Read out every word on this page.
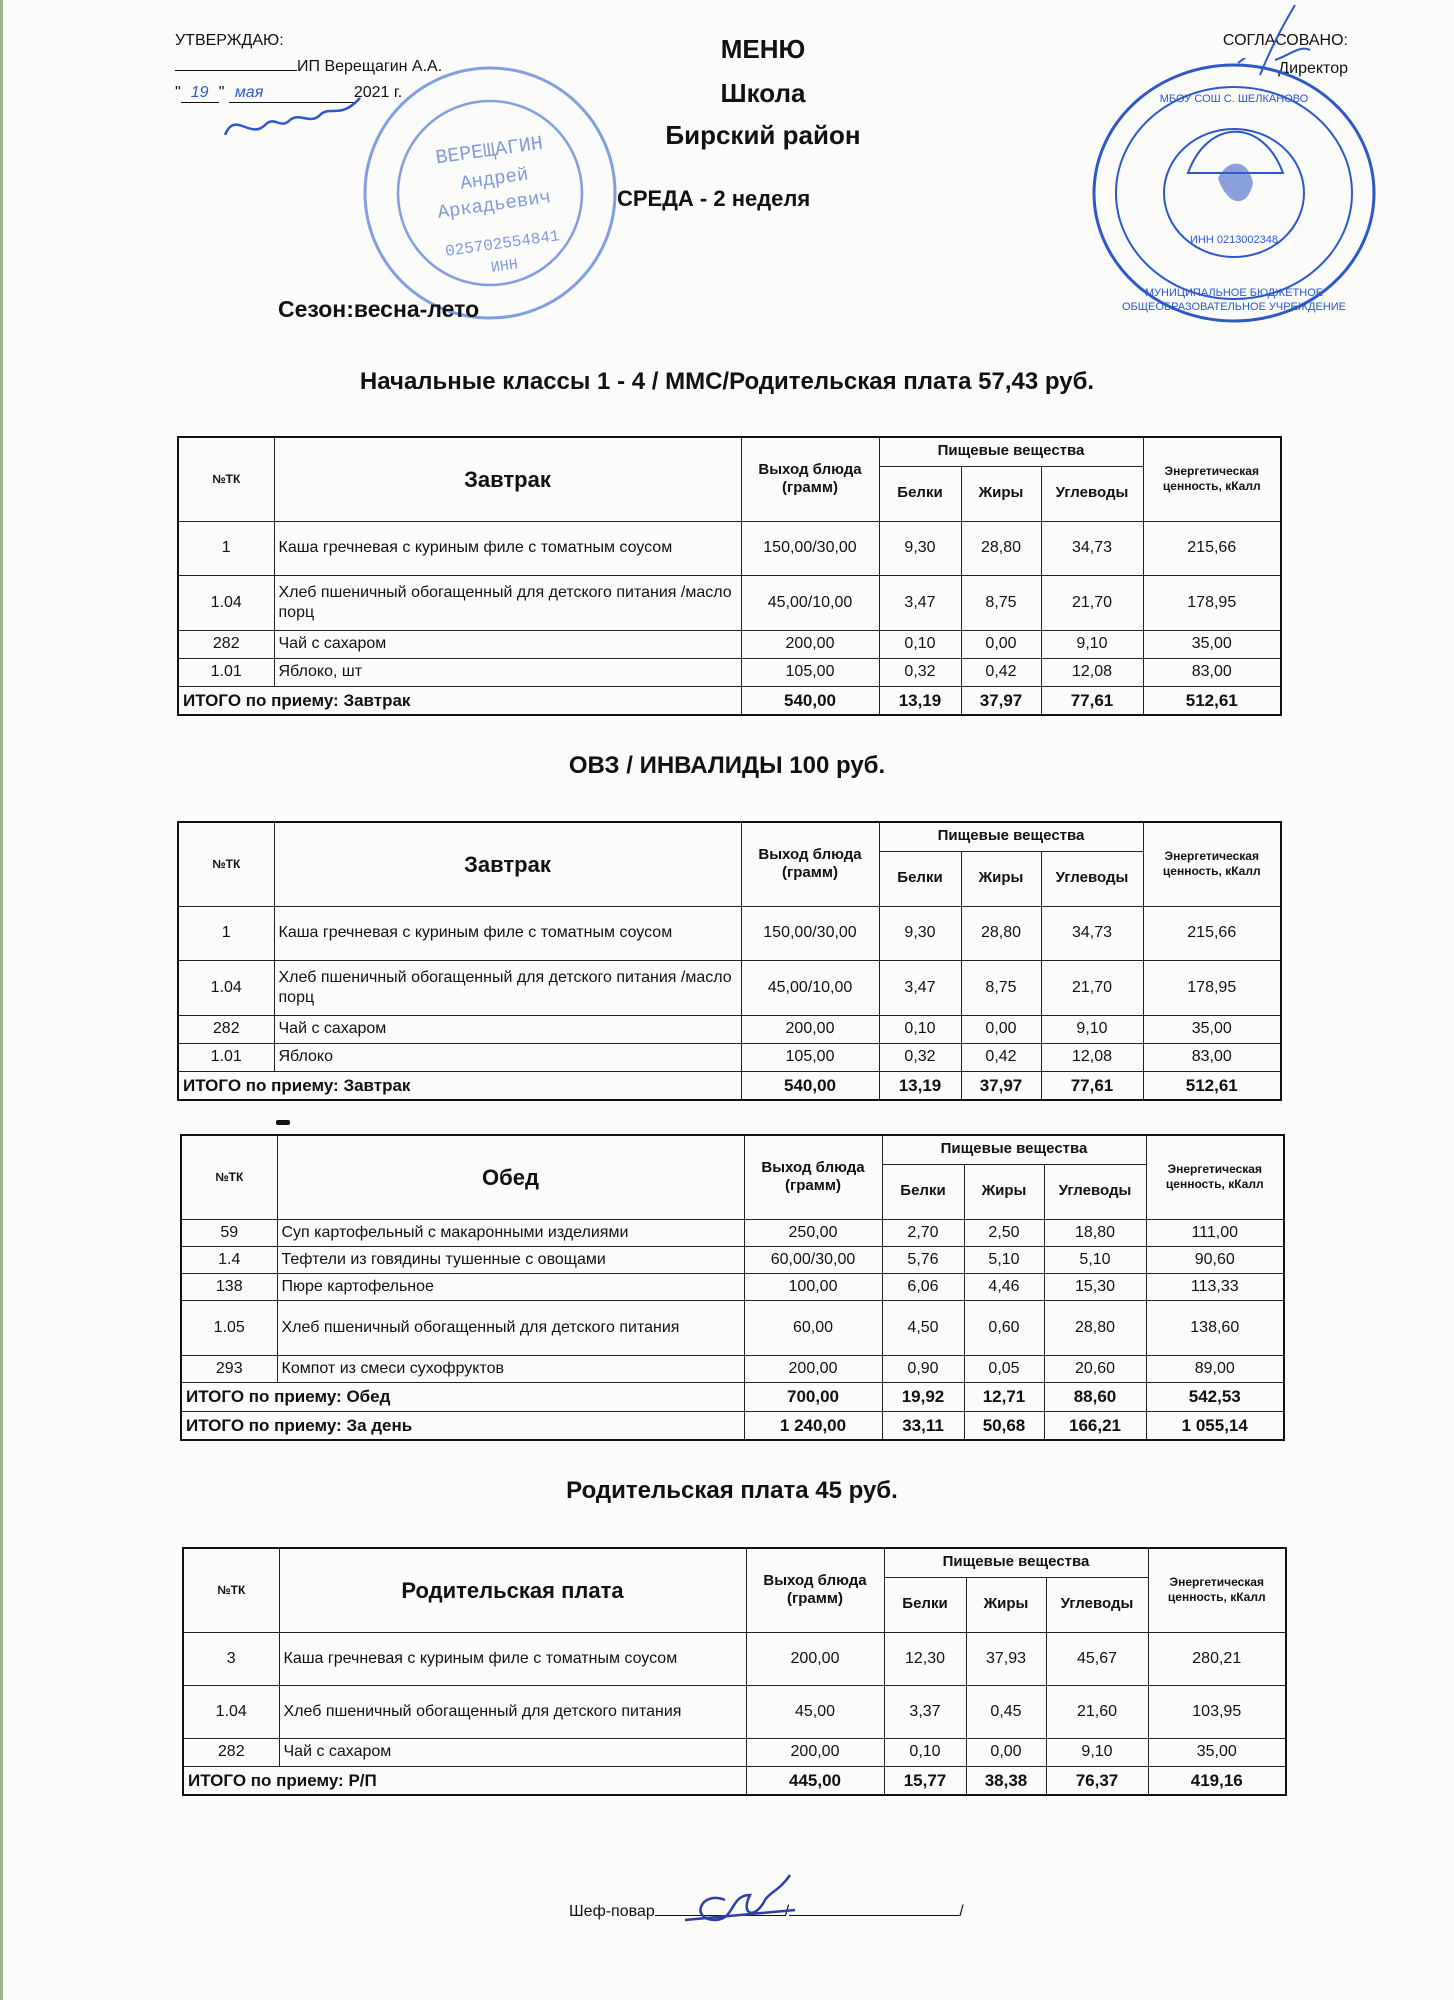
УТВЕРЖДАЮ:
ИП Верещагин А.А.
" 19 " мая	2021 г.
ВЕРЕЩАГИН
Андрей
Аркадьевич
025702554841
ИНН
МЕНЮ
Школа
Бирский район
СРЕДА - 2 неделя
Сезон:весна-лето
СОГЛАСОВАНО:
Директор
ИНН 0213002348
МБОУ СОШ С. ШЕЛКАНОВО
МУНИЦИПАЛЬНОЕ БЮДЖЕТНОЕ
ОБЩЕОБРАЗОВАТЕЛЬНОЕ УЧРЕЖДЕНИЕ
Начальные классы 1 - 4 / ММС/Родительская плата 57,43 руб.
ОВЗ / ИНВАЛИДЫ 100 руб.
Родительская плата 45 руб.
№ТК	Завтрак	Выход блюда (грамм)	Пищевые вещества			Энергетическая ценность, кКалл
			Белки	Жиры	Углеводы	
1	Каша гречневая с куриным филе с томатным соусом	150,00/30,00	9,30	28,80	34,73	215,66
1.04	Хлеб пшеничный обогащенный для детского питания /масло порц	45,00/10,00	3,47	8,75	21,70	178,95
282	Чай с сахаром	200,00	0,10	0,00	9,10	35,00
1.01	Яблоко, шт	105,00	0,32	0,42	12,08	83,00
ИТОГО по приему: Завтрак		540,00	13,19	37,97	77,61	512,61
№ТК	Завтрак	Выход блюда (грамм)	Пищевые вещества			Энергетическая ценность, кКалл
			Белки	Жиры	Углеводы	
1	Каша гречневая с куриным филе с томатным соусом	150,00/30,00	9,30	28,80	34,73	215,66
1.04	Хлеб пшеничный обогащенный для детского питания /масло порц	45,00/10,00	3,47	8,75	21,70	178,95
282	Чай с сахаром	200,00	0,10	0,00	9,10	35,00
1.01	Яблоко	105,00	0,32	0,42	12,08	83,00
ИТОГО по приему: Завтрак		540,00	13,19	37,97	77,61	512,61
№ТК	Обед	Выход блюда (грамм)	Пищевые вещества			Энергетическая ценность, кКалл
			Белки	Жиры	Углеводы	
59	Суп картофельный с макаронными изделиями	250,00	2,70	2,50	18,80	111,00
1.4	Тефтели из говядины тушенные с овощами	60,00/30,00	5,76	5,10	5,10	90,60
138	Пюре картофельное	100,00	6,06	4,46	15,30	113,33
1.05	Хлеб пшеничный обогащенный для детского питания	60,00	4,50	0,60	28,80	138,60
293	Компот из смеси сухофруктов	200,00	0,90	0,05	20,60	89,00
ИТОГО по приему: Обед		700,00	19,92	12,71	88,60	542,53
ИТОГО по приему: За день		1 240,00	33,11	50,68	166,21	1 055,14
№ТК	Родительская плата	Выход блюда (грамм)	Пищевые вещества			Энергетическая ценность, кКалл
			Белки	Жиры	Углеводы	
3	Каша гречневая с куриным филе с томатным соусом	200,00	12,30	37,93	45,67	280,21
1.04	Хлеб пшеничный обогащенный для детского питания	45,00	3,37	0,45	21,60	103,95
282	Чай с сахаром	200,00	0,10	0,00	9,10	35,00
ИТОГО по приему: Р/П		445,00	15,77	38,38	76,37	419,16
Шеф-повар	/	/
